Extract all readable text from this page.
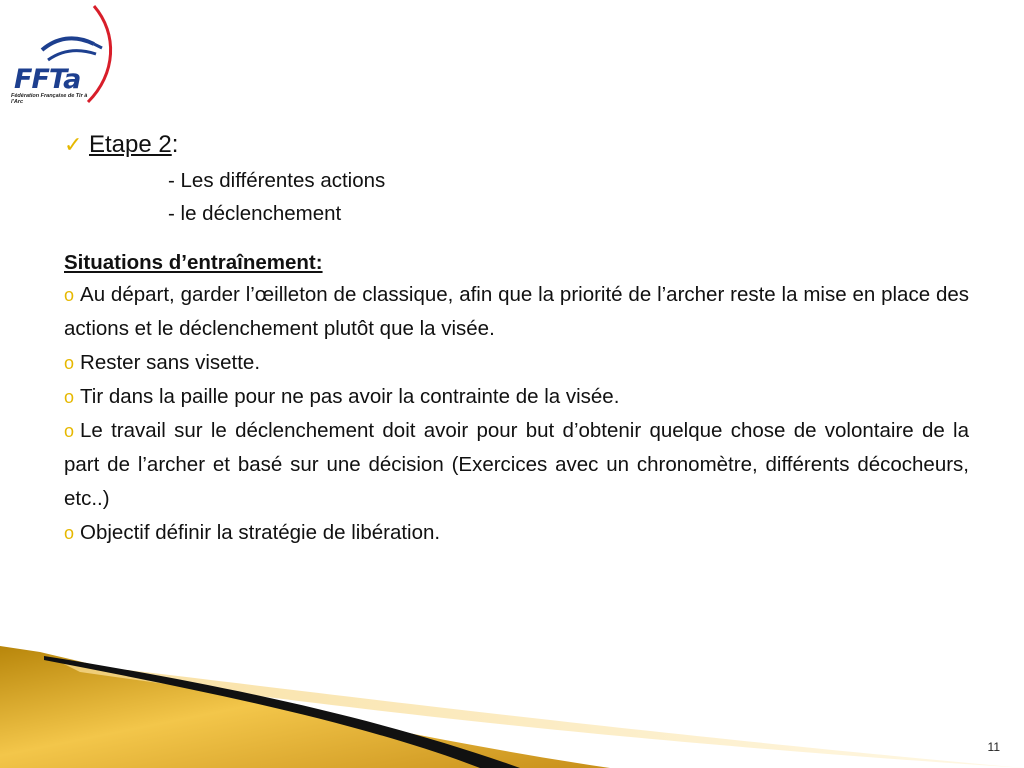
FFTa
Fédération Française de Tir à l'Arc
✓ Etape 2 :
- Les différentes actions
- le déclenchement
Situations d’entraînement:
o Au départ, garder l’œilleton de classique, afin que la priorité de l’archer reste la mise en place des actions et le déclenchement plutôt que la visée.
o Rester sans visette.
o Tir dans la paille pour ne pas avoir la contrainte de la visée.
o Le travail sur le déclenchement doit avoir pour but d’obtenir quelque chose de volontaire de la part de l’archer et basé sur une décision (Exercices avec un chronomètre, différents décocheurs, etc..)
o Objectif définir la stratégie de libération.
11
